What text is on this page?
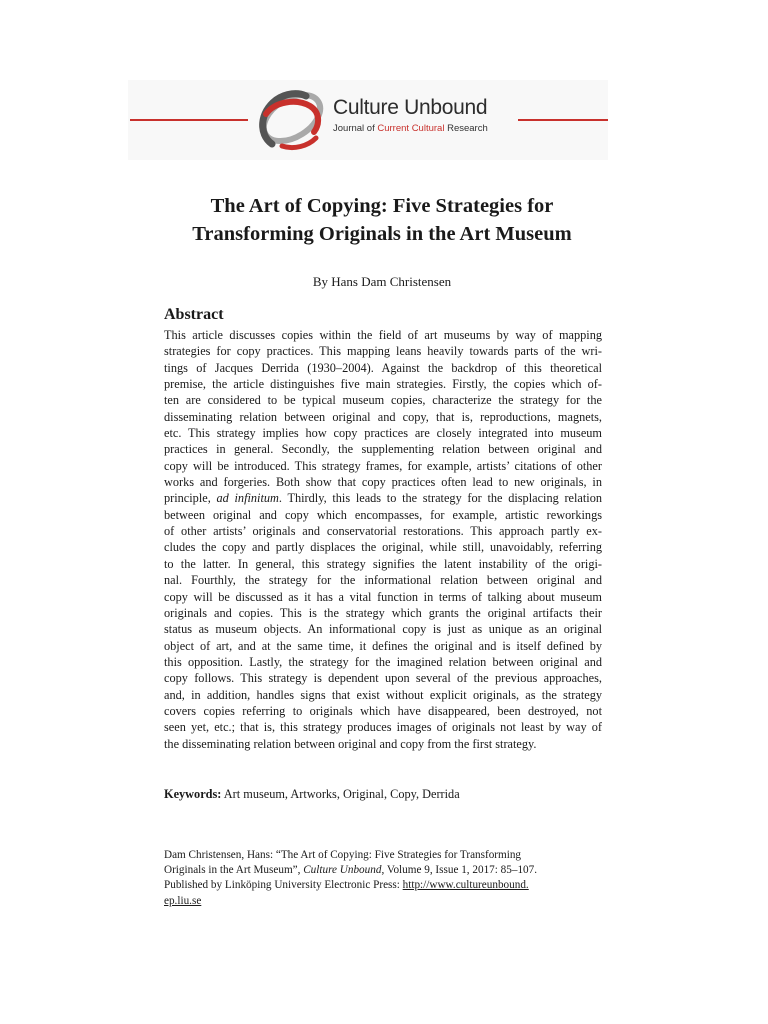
Culture Unbound
Journal of Current Cultural Research
The Art of Copying: Five Strategies for
Transforming Originals in the Art Museum
By Hans Dam Christensen
Abstract
This article discusses copies within the field of art museums by way of mapping
strategies for copy practices. This mapping leans heavily towards parts of the wri-
tings of Jacques Derrida (1930–2004). Against the backdrop of this theoretical
premise, the article distinguishes five main strategies. Firstly, the copies which of-
ten are considered to be typical museum copies, characterize the strategy for the
disseminating relation between original and copy, that is, reproductions, magnets,
etc. This strategy implies how copy practices are closely integrated into museum
practices in general. Secondly, the supplementing relation between original and
copy will be introduced. This strategy frames, for example, artists’ citations of other
works and forgeries. Both show that copy practices often lead to new originals, in
principle, ad infinitum. Thirdly, this leads to the strategy for the displacing relation
between original and copy which encompasses, for example, artistic reworkings
of other artists’ originals and conservatorial restorations. This approach partly ex-
cludes the copy and partly displaces the original, while still, unavoidably, referring
to the latter. In general, this strategy signifies the latent instability of the origi-
nal. Fourthly, the strategy for the informational relation between original and
copy will be discussed as it has a vital function in terms of talking about museum
originals and copies. This is the strategy which grants the original artifacts their
status as museum objects. An informational copy is just as unique as an original
object of art, and at the same time, it defines the original and is itself defined by
this opposition. Lastly, the strategy for the imagined relation between original and
copy follows. This strategy is dependent upon several of the previous approaches,
and, in addition, handles signs that exist without explicit originals, as the strategy
covers copies referring to originals which have disappeared, been destroyed, not
seen yet, etc.; that is, this strategy produces images of originals not least by way of
the disseminating relation between original and copy from the first strategy.
Keywords: Art museum, Artworks, Original, Copy, Derrida
Dam Christensen, Hans: “The Art of Copying: Five Strategies for Transforming
Originals in the Art Museum”, Culture Unbound, Volume 9, Issue 1, 2017: 85–107.
Published by Linköping University Electronic Press: http://www.cultureunbound.
ep.liu.se
